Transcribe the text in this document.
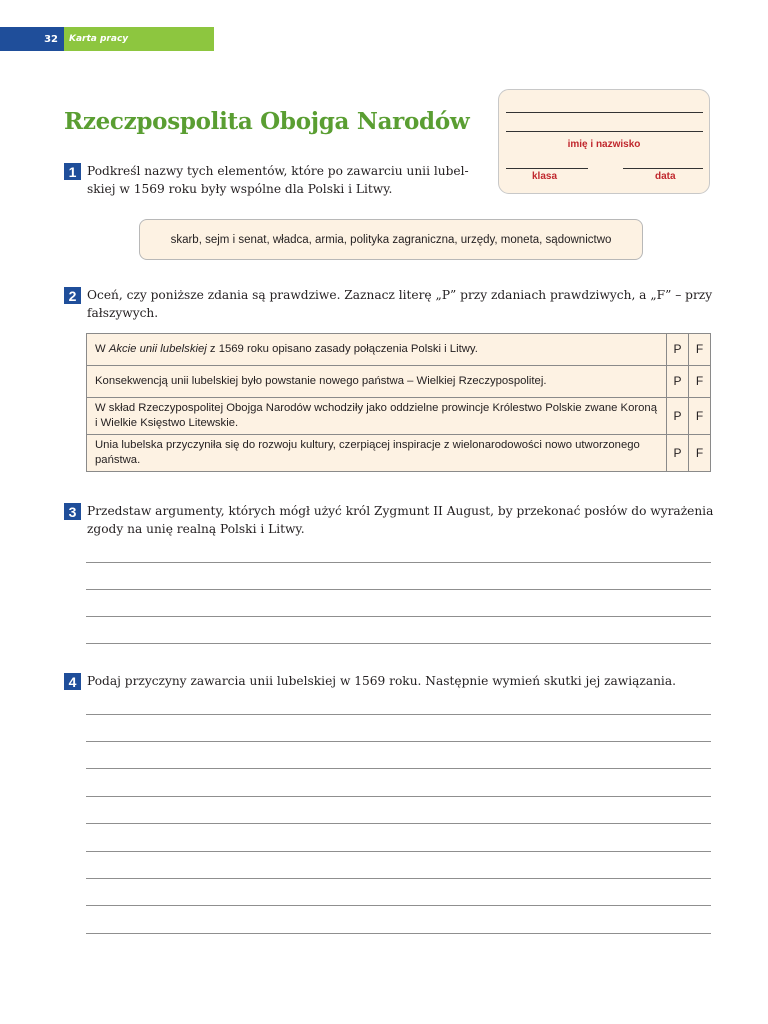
32	Karta pracy
Rzeczpospolita Obojga Narodów
imię i nazwisko
klasa	data
1 Podkreśl nazwy tych elementów, które po zawarciu unii lubel-
skiej w 1569 roku były wspólne dla Polski i Litwy.
skarb, sejm i senat, władca, armia, polityka zagraniczna, urzędy, moneta, sądownictwo
2 Oceń, czy poniższe zdania są prawdziwe. Zaznacz literę „P” przy zdaniach prawdziwych, a „F” – przy
fałszywych.
W Akcie unii lubelskiej z 1569 roku opisano zasady połączenia Polski i Litwy.	P	F
Konsekwencją unii lubelskiej było powstanie nowego państwa – Wielkiej Rzeczypospolitej.	P	F
W skład Rzeczypospolitej Obojga Narodów wchodziły jako oddzielne prowincje Królestwo Polskie zwane Koroną i Wielkie Księstwo Litewskie.	P	F
Unia lubelska przyczyniła się do rozwoju kultury, czerpiącej inspiracje z wielonarodowości nowo utworzonego państwa.	P	F
3 Przedstaw argumenty, których mógł użyć król Zygmunt II August, by przekonać posłów do wyrażenia
zgody na unię realną Polski i Litwy.
4 Podaj przyczyny zawarcia unii lubelskiej w 1569 roku. Następnie wymień skutki jej zawiązania.
